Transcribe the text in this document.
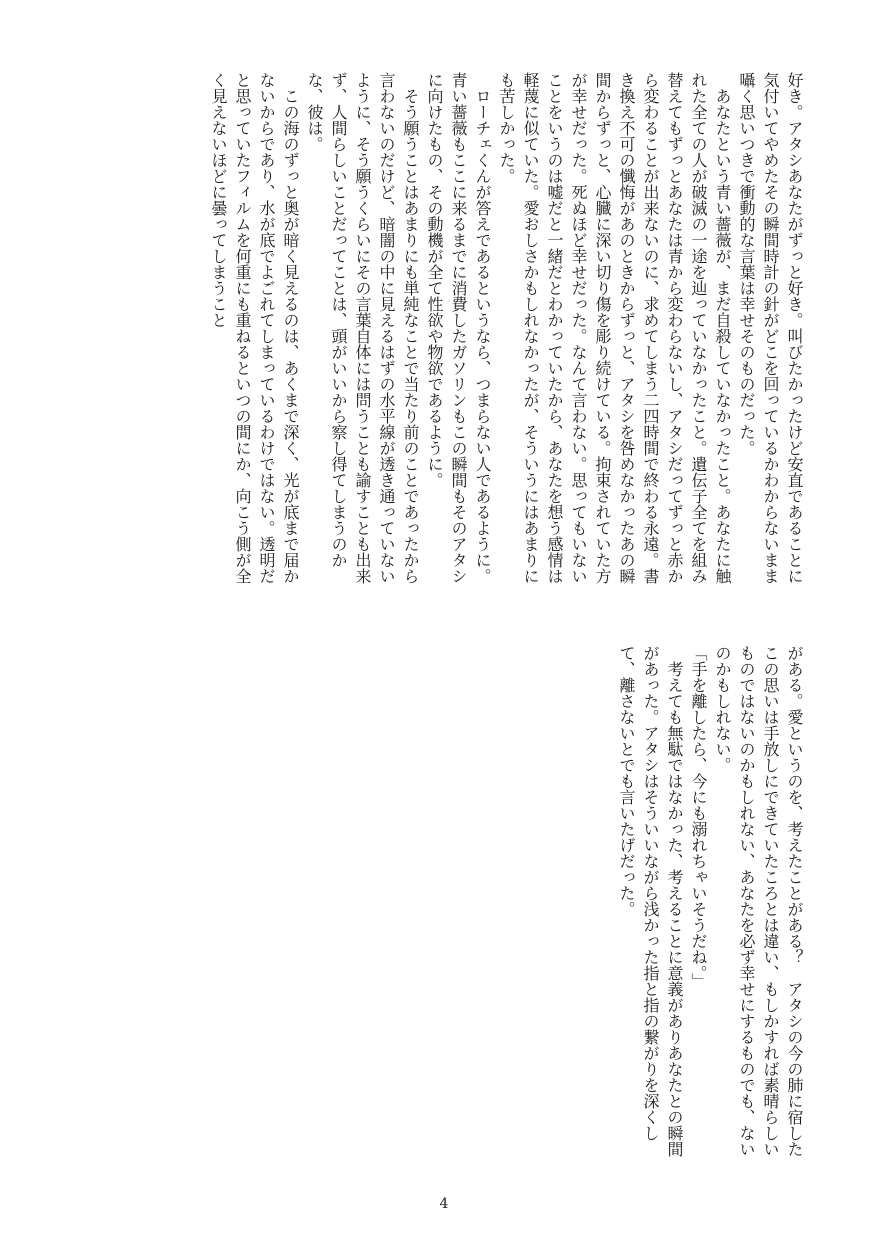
好き。アタシあなたがずっと好き。叫びたかったけど安直であることに気付いてやめたその瞬間時計の針がどこを回っているかわからないまま囁く思いつきで衝動的な言葉は幸せそのものだった。

　あなたという青い薔薇が、まだ自殺していなかったこと。あなたに触れた全ての人が破滅の一途を辿っていなかったこと。遺伝子全てを組み替えてもずっとあなたは青から変わらないし、アタシだってずっと赤から変わることが出来ないのに、求めてしまう二四時間で終わる永遠。書き換え不可の懺悔があのときからずっと、アタシを咎めなかったあの瞬間からずっと、心臓に深い切り傷を彫り続けている。拘束されていた方が幸せだった。死ぬほど幸せだった。なんて言わない。思ってもいないことをいうのは嘘だと一緒だとわかっていたから、あなたを想う感情は軽蔑に似ていた。愛おしさかもしれなかったが、そういうにはあまりにも苦しかった。

　ローチェくんが答えであるというなら、つまらない人であるように。青い薔薇もここに来るまでに消費したガソリンもこの瞬間もそのアタシに向けたもの、その動機が全て性欲や物欲であるように。

　そう願うことはあまりにも単純なことで当たり前のことであったから言わないのだけど、暗闇の中に見えるはずの水平線が透き通っていないように、そう願うくらいにその言葉自体には問うことも諭すことも出来ず、人間らしいことだってことは、頭がいいから察し得てしまうのかな、彼は。

　この海のずっと奥が暗く見えるのは、あくまで深く、光が底まで届かないからであり、水が底でよごれてしまっているわけではない。透明だと思っていたフィルムを何重にも重ねるといつの間にか、向こう側が全く見えないほどに曇ってしまうこと

がある。愛というのを、考えたことがある？　アタシの今の肺に宿したこの思いは手放しにできていたころとは違い、もしかすれば素晴らしいものではないのかもしれない、あなたを必ず幸せにするものでも、ないのかもしれない。

「手を離したら、今にも溺れちゃいそうだね。」

　考えても無駄ではなかった、考えることに意義がありあなたとの瞬間があった。アタシはそういいながら浅かった指と指の繋がりを深くして、離さないとでも言いたげだった。

4
